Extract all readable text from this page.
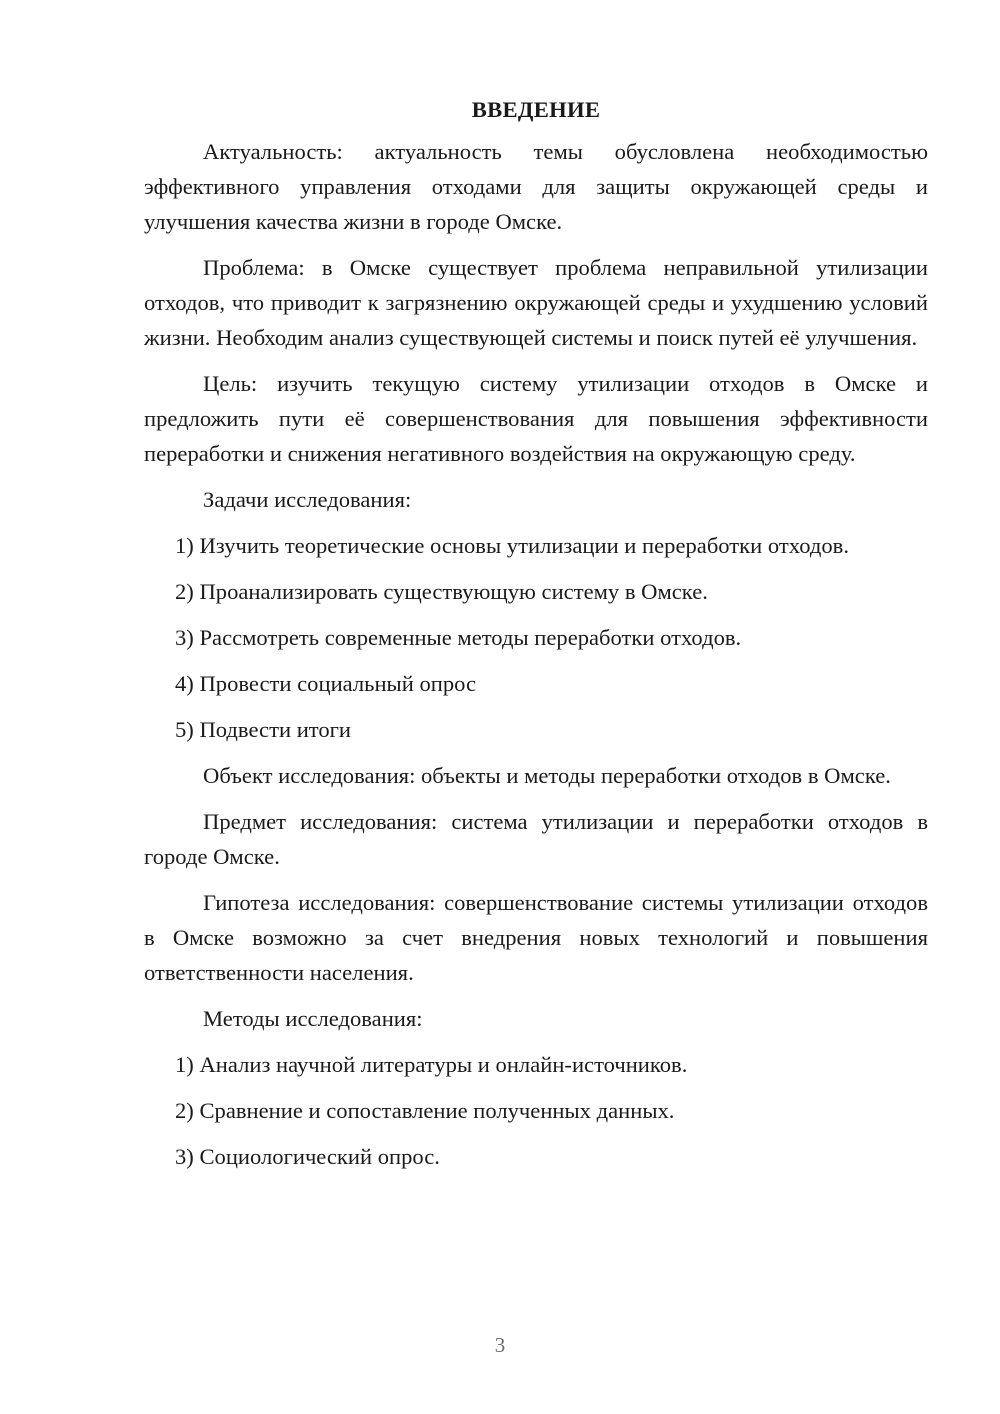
ВВЕДЕНИЕ

Актуальность: актуальность темы обусловлена необходимостью эффективного управления отходами для защиты окружающей среды и улучшения качества жизни в городе Омске.

Проблема: в Омске существует проблема неправильной утилизации отходов, что приводит к загрязнению окружающей среды и ухудшению условий жизни. Необходим анализ существующей системы и поиск путей её улучшения.

Цель: изучить текущую систему утилизации отходов в Омске и предложить пути её совершенствования для повышения эффективности переработки и снижения негативного воздействия на окружающую среду.

Задачи исследования:

1) Изучить теоретические основы утилизации и переработки отходов.
2) Проанализировать существующую систему в Омске.
3) Рассмотреть современные методы переработки отходов.
4) Провести социальный опрос
5) Подвести итоги

Объект исследования: объекты и методы переработки отходов в Омске.

Предмет исследования: система утилизации и переработки отходов в городе Омске.

Гипотеза исследования: совершенствование системы утилизации отходов в Омске возможно за счет внедрения новых технологий и повышения ответственности населения.

Методы исследования:

1) Анализ научной литературы и онлайн-источников.
2) Сравнение и сопоставление полученных данных.
3) Социологический опрос.
3
